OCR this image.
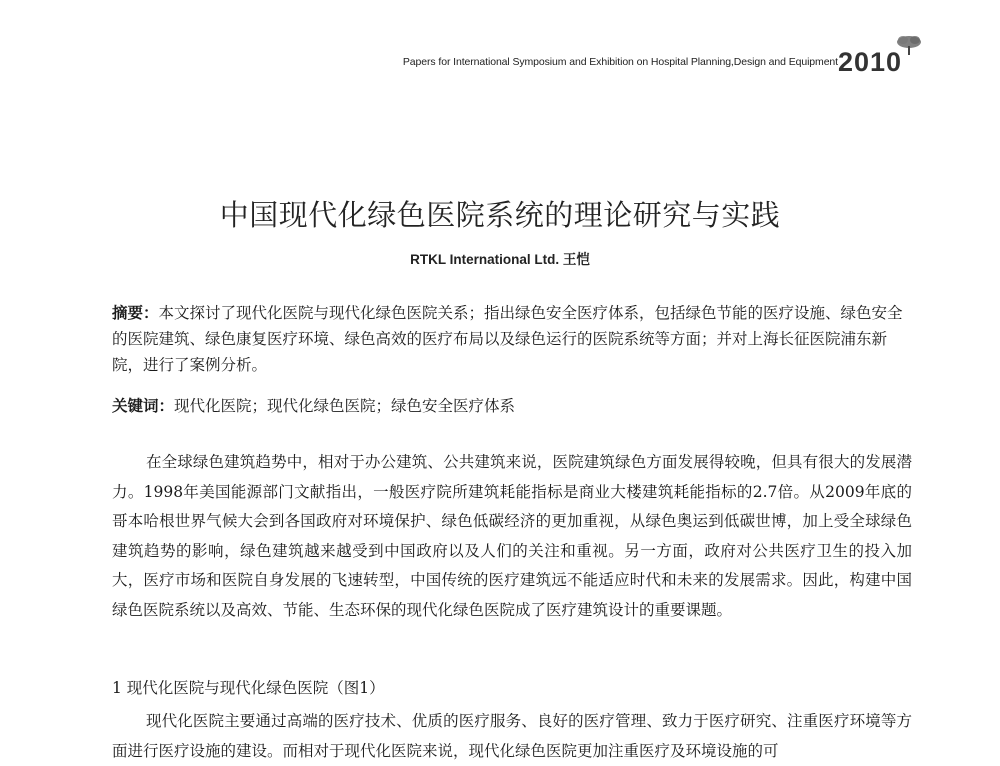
Papers for International Symposium and Exhibition on Hospital Planning,Design and Equipment 2010
中国现代化绿色医院系统的理论研究与实践
RTKL International Ltd. 王恺
摘要：本文探讨了现代化医院与现代化绿色医院关系；指出绿色安全医疗体系，包括绿色节能的医疗设施、绿色安全的医院建筑、绿色康复医疗环境、绿色高效的医疗布局以及绿色运行的医院系统等方面；并对上海长征医院浦东新院，进行了案例分析。
关键词：现代化医院；现代化绿色医院；绿色安全医疗体系
在全球绿色建筑趋势中，相对于办公建筑、公共建筑来说，医院建筑绿色方面发展得较晚，但具有很大的发展潜力。1998年美国能源部门文献指出，一般医疗院所建筑耗能指标是商业大楼建筑耗能指标的2.7倍。从2009年底的哥本哈根世界气候大会到各国政府对环境保护、绿色低碳经济的更加重视，从绿色奥运到低碳世博，加上受全球绿色建筑趋势的影响，绿色建筑越来越受到中国政府以及人们的关注和重视。另一方面，政府对公共医疗卫生的投入加大，医疗市场和医院自身发展的飞速转型，中国传统的医疗建筑远不能适应时代和未来的发展需求。因此，构建中国绿色医院系统以及高效、节能、生态环保的现代化绿色医院成了医疗建筑设计的重要课题。
1 现代化医院与现代化绿色医院（图1）
现代化医院主要通过高端的医疗技术、优质的医疗服务、良好的医疗管理、致力于医疗研究、注重医疗环境等方面进行医疗设施的建设。而相对于现代化医院来说，现代化绿色医院更加注重医疗及环境设施的可
